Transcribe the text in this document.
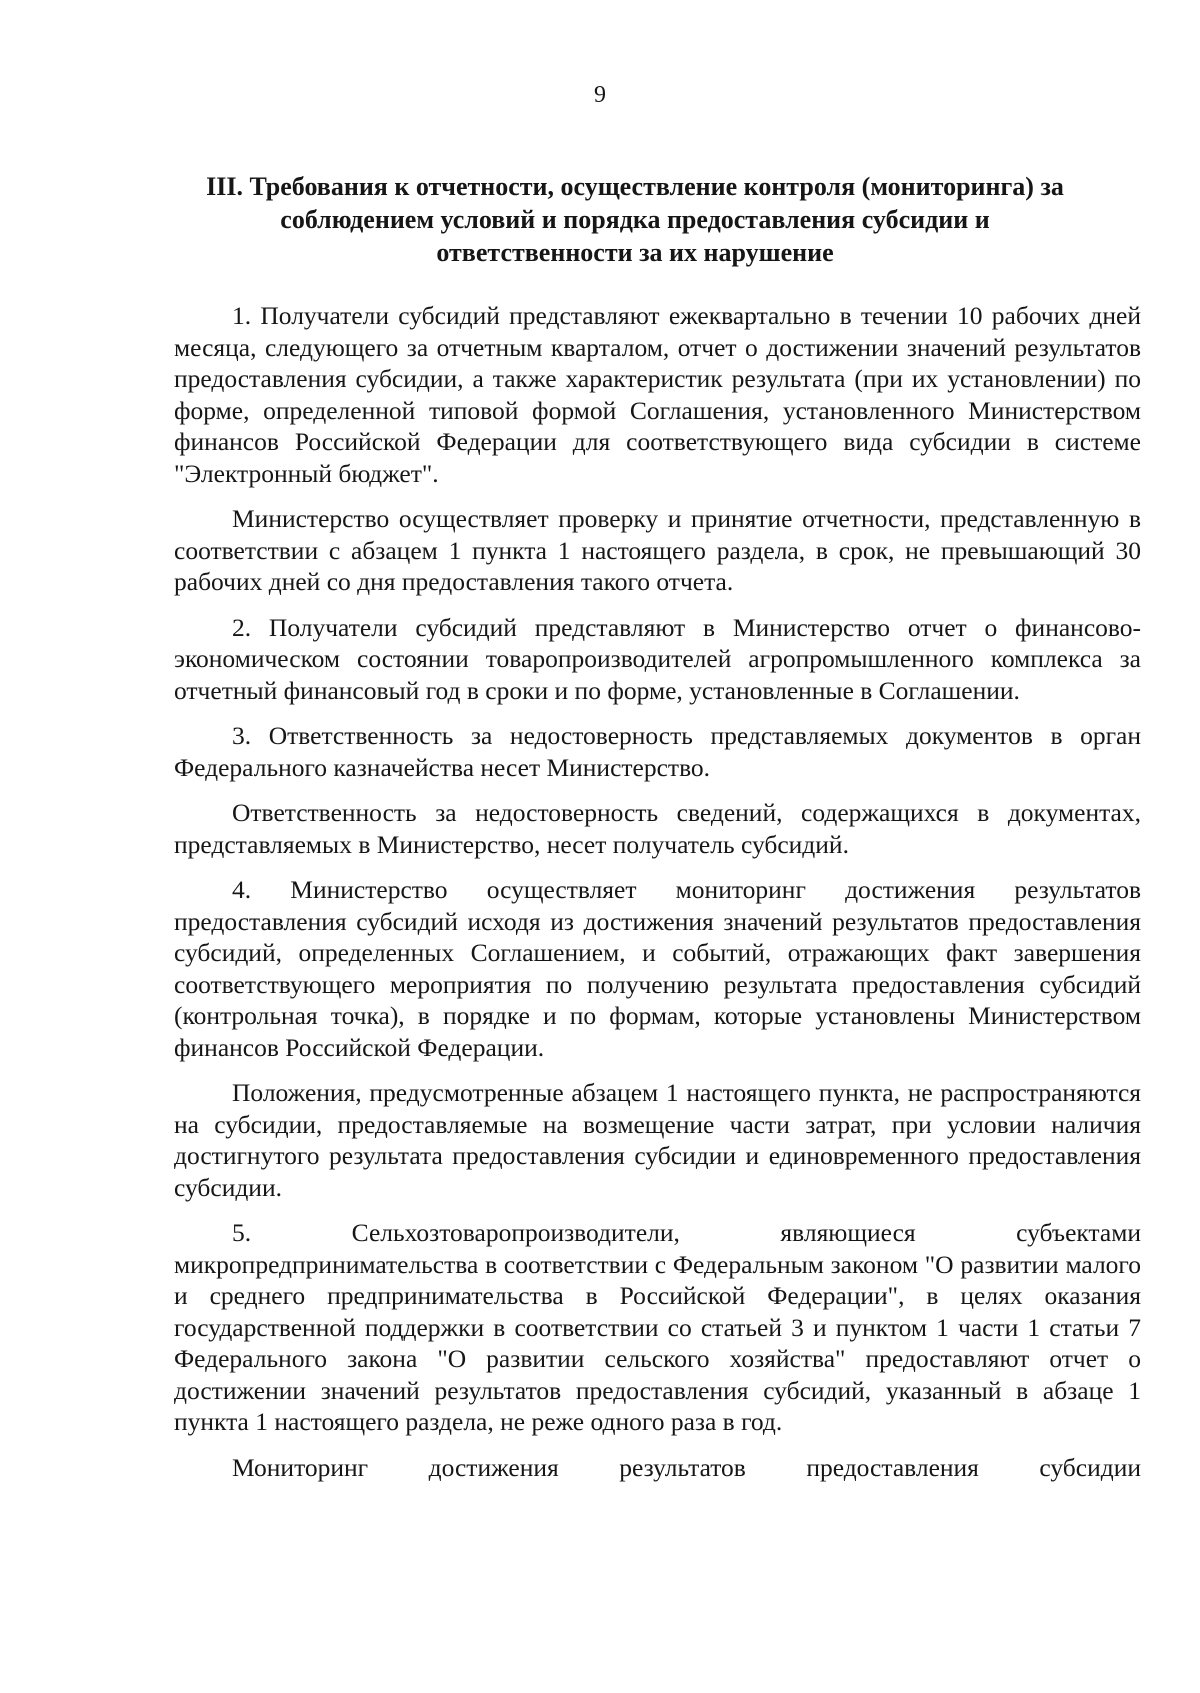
9
III. Требования к отчетности, осуществление контроля (мониторинга) за соблюдением условий и порядка предоставления субсидии и ответственности за их нарушение

1. Получатели субсидий представляют ежеквартально в течении 10 рабочих дней месяца, следующего за отчетным кварталом, отчет о достижении значений результатов предоставления субсидии, а также характеристик результата (при их установлении) по форме, определенной типовой формой Соглашения, установленного Министерством финансов Российской Федерации для соответствующего вида субсидии в системе "Электронный бюджет".

Министерство осуществляет проверку и принятие отчетности, представленную в соответствии с абзацем 1 пункта 1 настоящего раздела, в срок, не превышающий 30 рабочих дней со дня предоставления такого отчета.

2. Получатели субсидий представляют в Министерство отчет о финансово-экономическом состоянии товаропроизводителей агропромышленного комплекса за отчетный финансовый год в сроки и по форме, установленные в Соглашении.

3. Ответственность за недостоверность представляемых документов в орган Федерального казначейства несет Министерство.

Ответственность за недостоверность сведений, содержащихся в документах, представляемых в Министерство, несет получатель субсидий.

4. Министерство осуществляет мониторинг достижения результатов предоставления субсидий исходя из достижения значений результатов предоставления субсидий, определенных Соглашением, и событий, отражающих факт завершения соответствующего мероприятия по получению результата предоставления субсидий (контрольная точка), в порядке и по формам, которые установлены Министерством финансов Российской Федерации.

Положения, предусмотренные абзацем 1 настоящего пункта, не распространяются на субсидии, предоставляемые на возмещение части затрат, при условии наличия достигнутого результата предоставления субсидии и единовременного предоставления субсидии.

5. Сельхозтоваропроизводители, являющиеся субъектами микропредпринимательства в соответствии с Федеральным законом "О развитии малого и среднего предпринимательства в Российской Федерации", в целях оказания государственной поддержки в соответствии со статьей 3 и пунктом 1 части 1 статьи 7 Федерального закона "О развитии сельского хозяйства" предоставляют отчет о достижении значений результатов предоставления субсидий, указанный в абзаце 1 пункта 1 настоящего раздела, не реже одного раза в год.

Мониторинг достижения результатов предоставления субсидии
